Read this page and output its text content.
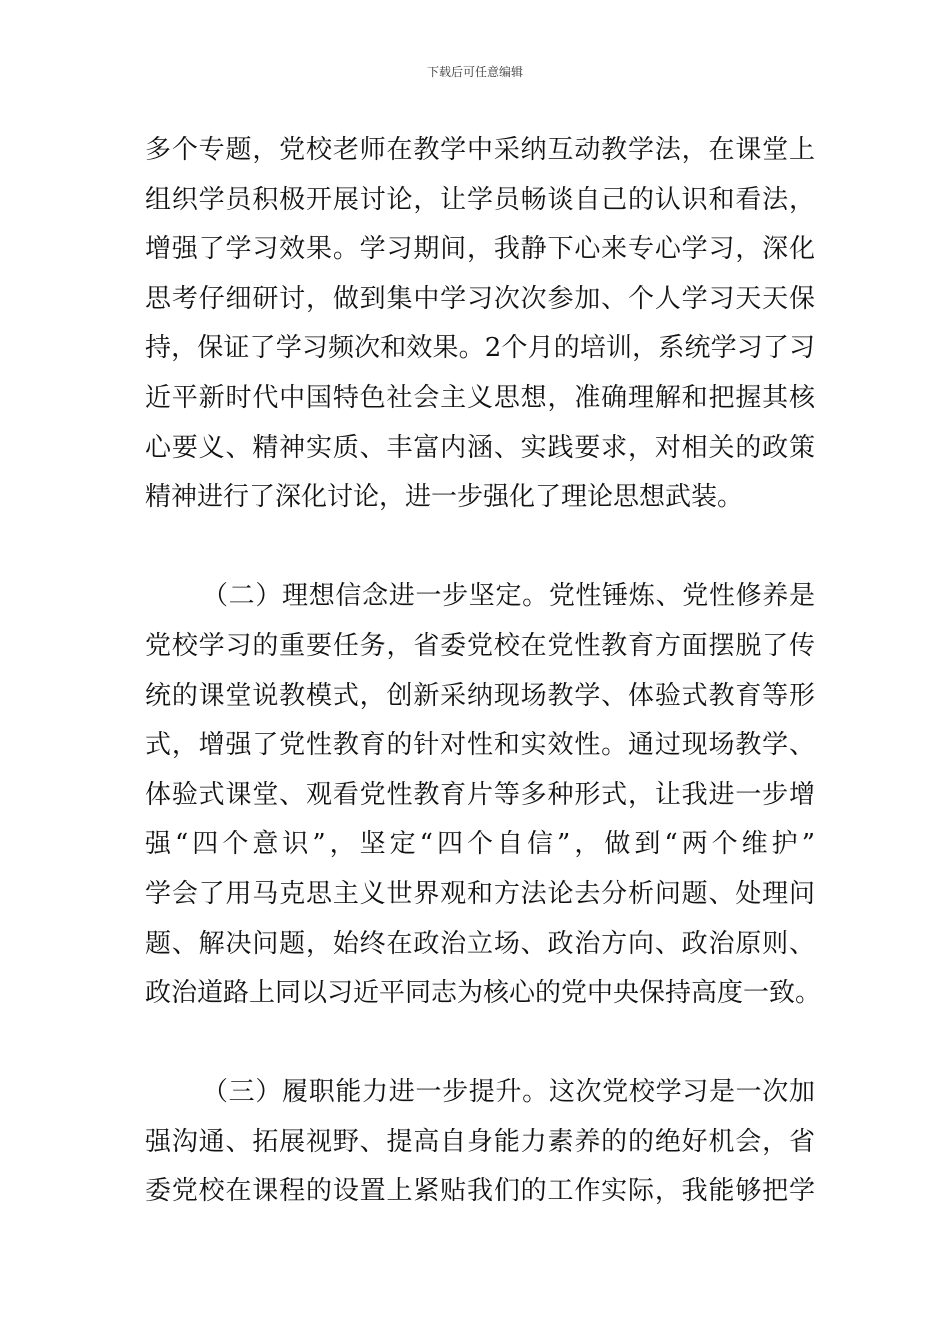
下载后可任意编辑
多个专题，党校老师在教学中采纳互动教学法，在课堂上
组织学员积极开展讨论，让学员畅谈自己的认识和看法，
增强了学习效果。学习期间，我静下心来专心学习，深化
思考仔细研讨，做到集中学习次次参加、个人学习天天保
持，保证了学习频次和效果。2个月的培训，系统学习了习
近平新时代中国特色社会主义思想，准确理解和把握其核
心要义、精神实质、丰富内涵、实践要求，对相关的政策
精神进行了深化讨论，进一步强化了理论思想武装。
（二）理想信念进一步坚定。党性锤炼、党性修养是
党校学习的重要任务，省委党校在党性教育方面摆脱了传
统的课堂说教模式，创新采纳现场教学、体验式教育等形
式，增强了党性教育的针对性和实效性。通过现场教学、
体验式课堂、观看党性教育片等多种形式，让我进一步增
强“四个意识”，坚定“四个自信”，做到“两个维护”
学会了用马克思主义世界观和方法论去分析问题、处理问
题、解决问题，始终在政治立场、政治方向、政治原则、
政治道路上同以习近平同志为核心的党中央保持高度一致。
（三）履职能力进一步提升。这次党校学习是一次加
强沟通、拓展视野、提高自身能力素养的的绝好机会，省
委党校在课程的设置上紧贴我们的工作实际，我能够把学
